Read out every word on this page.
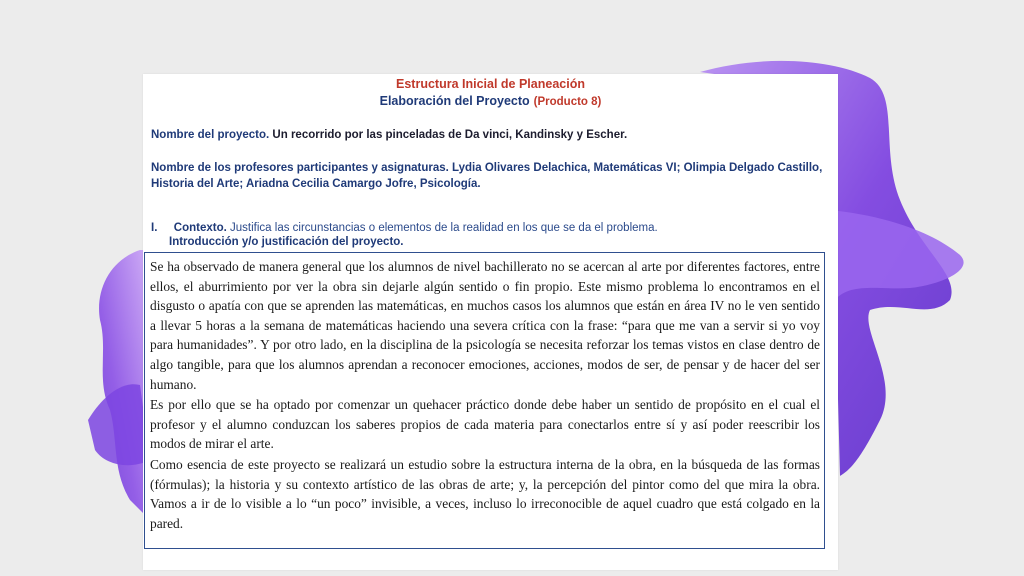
Estructura Inicial de Planeación
Elaboración del Proyecto (Producto 8)
Nombre del proyecto. Un recorrido por las pinceladas de Da vinci, Kandinsky y Escher.
Nombre de los profesores participantes y asignaturas. Lydia Olivares Delachica, Matemáticas VI; Olimpia Delgado Castillo,
Historia del Arte; Ariadna Cecilia Camargo Jofre, Psicología.
I. Contexto. Justifica las circunstancias o elementos de la realidad en los que se da el problema.
Introducción y/o justificación del proyecto.

Se ha observado de manera general que los alumnos de nivel bachillerato no se acercan al arte por diferentes factores, entre ellos, el aburrimiento por ver la obra sin dejarle algún sentido o fin propio. Este mismo problema lo encontramos en el disgusto o apatía con que se aprenden las matemáticas, en muchos casos los alumnos que están en área IV no le ven sentido a llevar 5 horas a la semana de matemáticas haciendo una severa crítica con la frase: “para que me van a servir si yo voy para humanidades”. Y por otro lado, en la disciplina de la psicología se necesita reforzar los temas vistos en clase dentro de algo tangible, para que los alumnos aprendan a reconocer emociones, acciones, modos de ser, de pensar y de hacer del ser humano.

Es por ello que se ha optado por comenzar un quehacer práctico donde debe haber un sentido de propósito en el cual el profesor y el alumno conduzcan los saberes propios de cada materia para conectarlos entre sí y así poder reescribir los modos de mirar el arte.

Como esencia de este proyecto se realizará un estudio sobre la estructura interna de la obra, en la búsqueda de las formas (fórmulas); la historia y su contexto artístico de las obras de arte; y, la percepción del pintor como del que mira la obra. Vamos a ir de lo visible a lo “un poco” invisible, a veces, incluso lo irreconocible de aquel cuadro que está colgado en la pared.
